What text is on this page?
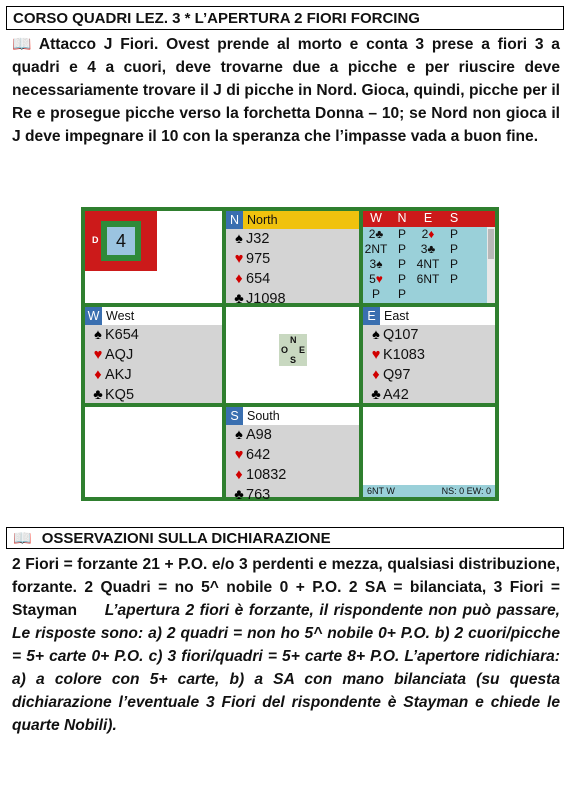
CORSO QUADRI LEZ. 3 * L’APERTURA 2 FIORI FORCING
📖 Attacco J Fiori. Ovest prende al morto e conta 3 prese a fiori 3 a quadri e 4 a cuori, deve trovarne due a picche e per riuscire deve necessariamente trovare il J di picche in Nord. Gioca, quindi, picche per il Re e prosegue picche verso la forchetta Donna – 10; se Nord non gioca il J deve impegnare il 10 con la speranza che l’impasse vada a buon fine.
D 4
N North
♠ J32
♥ 975
♦ 654
♣ J1098
W	N	E	S
2♣	P	2♦	P
2NT P	3♣	P
3♠	P 4NT P
5♥	P 6NT P
P	P
W West
♠ K654
♥ AQJ
♦ AKJ
♣ KQ5
N
O E
S
E East
♠ Q107
♥ K1083
♦ Q97
♣ A42
S South
♠ A98
♥ 642
♦ 10832
♣ 763	6NT W	NS: 0 EW: 0
📖 OSSERVAZIONI SULLA DICHIARAZIONE
2 Fiori = forzante 21 + P.O. e/o 3 perdenti e mezza, qualsiasi distribuzione, forzante. 2 Quadri = no 5^ nobile 0 + P.O. 2 SA = bilanciata, 3 Fiori = Stayman L’apertura 2 fiori è forzante, il rispondente non può passare, Le risposte sono: a) 2 quadri = non ho 5^ nobile 0+ P.O. b) 2 cuori/picche = 5+ carte 0+ P.O. c) 3 fiori/quadri = 5+ carte 8+ P.O. L’apertore ridichiara: a) a colore con 5+ carte, b) a SA con mano bilanciata (su questa dichiarazione l’eventuale 3 Fiori del rispondente è Stayman e chiede le quarte Nobili).
